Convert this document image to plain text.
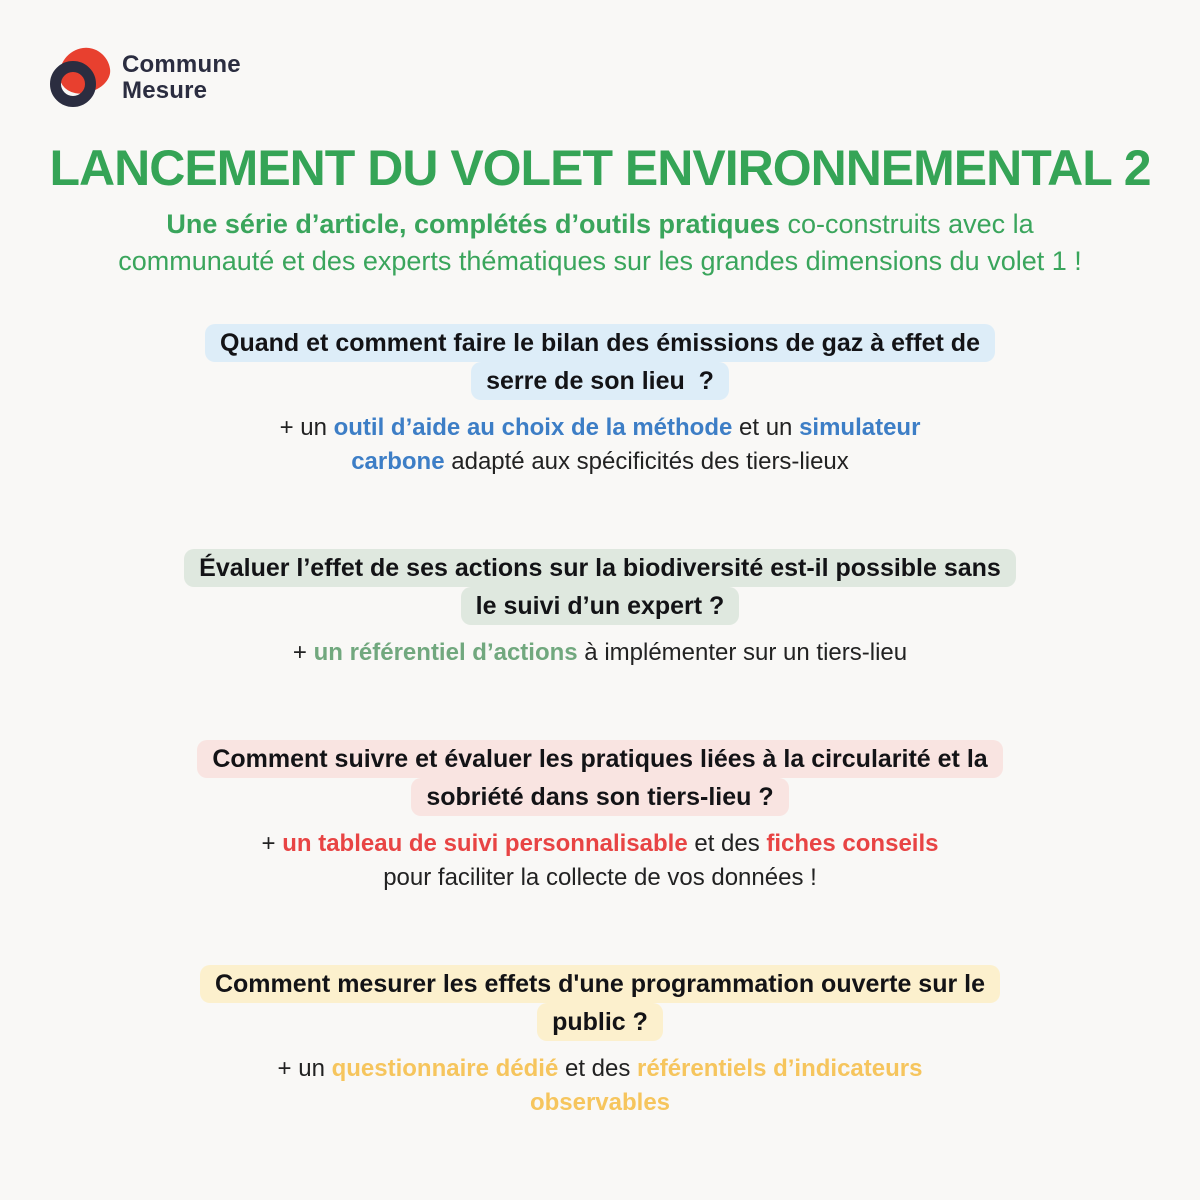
Commune
Mesure
LANCEMENT DU VOLET ENVIRONNEMENTAL 2

Une série d’article, complétés d’outils pratiques co-construits avec la communauté et des experts thématiques sur les grandes dimensions du volet 1 !

Quand et comment faire le bilan des émissions de gaz à effet de
serre de son lieu  ?
+ un outil d’aide au choix de la méthode et un simulateur
carbone adapté aux spécificités des tiers-lieux
Évaluer l’effet de ses actions sur la biodiversité est-il possible sans
le suivi d’un expert ?
+ un référentiel d’actions à implémenter sur un tiers-lieu
Comment suivre et évaluer les pratiques liées à la circularité et la
sobriété dans son tiers-lieu ?
+ un tableau de suivi personnalisable et des fiches conseils
pour faciliter la collecte de vos données !
Comment mesurer les effets d'une programmation ouverte sur le
public ?
+ un questionnaire dédié et des référentiels d’indicateurs
observables
